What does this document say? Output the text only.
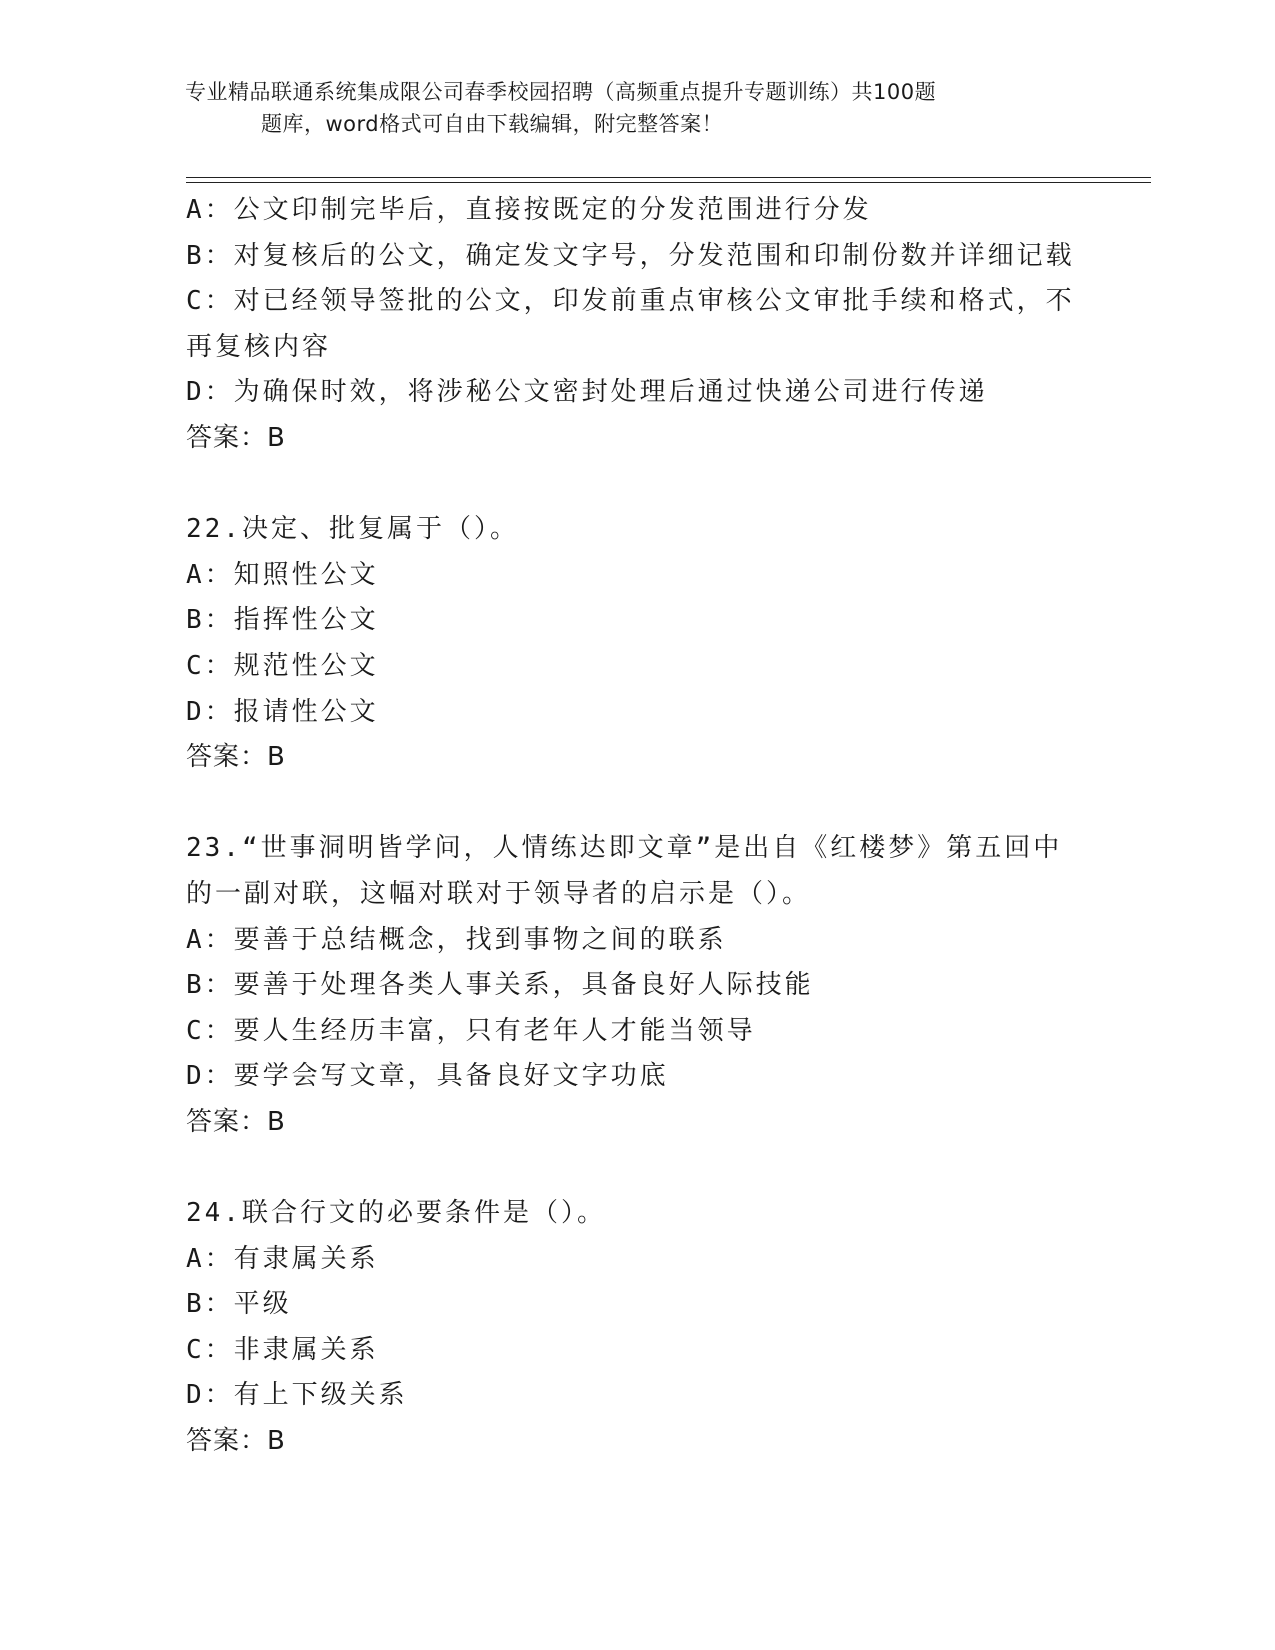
专业精品联通系统集成限公司春季校园招聘（高频重点提升专题训练）共100题
题库，word格式可自由下载编辑，附完整答案！
A：公文印制完毕后，直接按既定的分发范围进行分发
B：对复核后的公文，确定发文字号，分发范围和印制份数并详细记载
C：对已经领导签批的公文，印发前重点审核公文审批手续和格式，不
再复核内容
D：为确保时效，将涉秘公文密封处理后通过快递公司进行传递
答案：B
22.决定、批复属于（）。
A：知照性公文
B：指挥性公文
C：规范性公文
D：报请性公文
答案：B
23.“世事洞明皆学问，人情练达即文章”是出自《红楼梦》第五回中
的一副对联，这幅对联对于领导者的启示是（）。
A：要善于总结概念，找到事物之间的联系
B：要善于处理各类人事关系，具备良好人际技能
C：要人生经历丰富，只有老年人才能当领导
D：要学会写文章，具备良好文字功底
答案：B
24.联合行文的必要条件是（）。
A：有隶属关系
B：平级
C：非隶属关系
D：有上下级关系
答案：B
